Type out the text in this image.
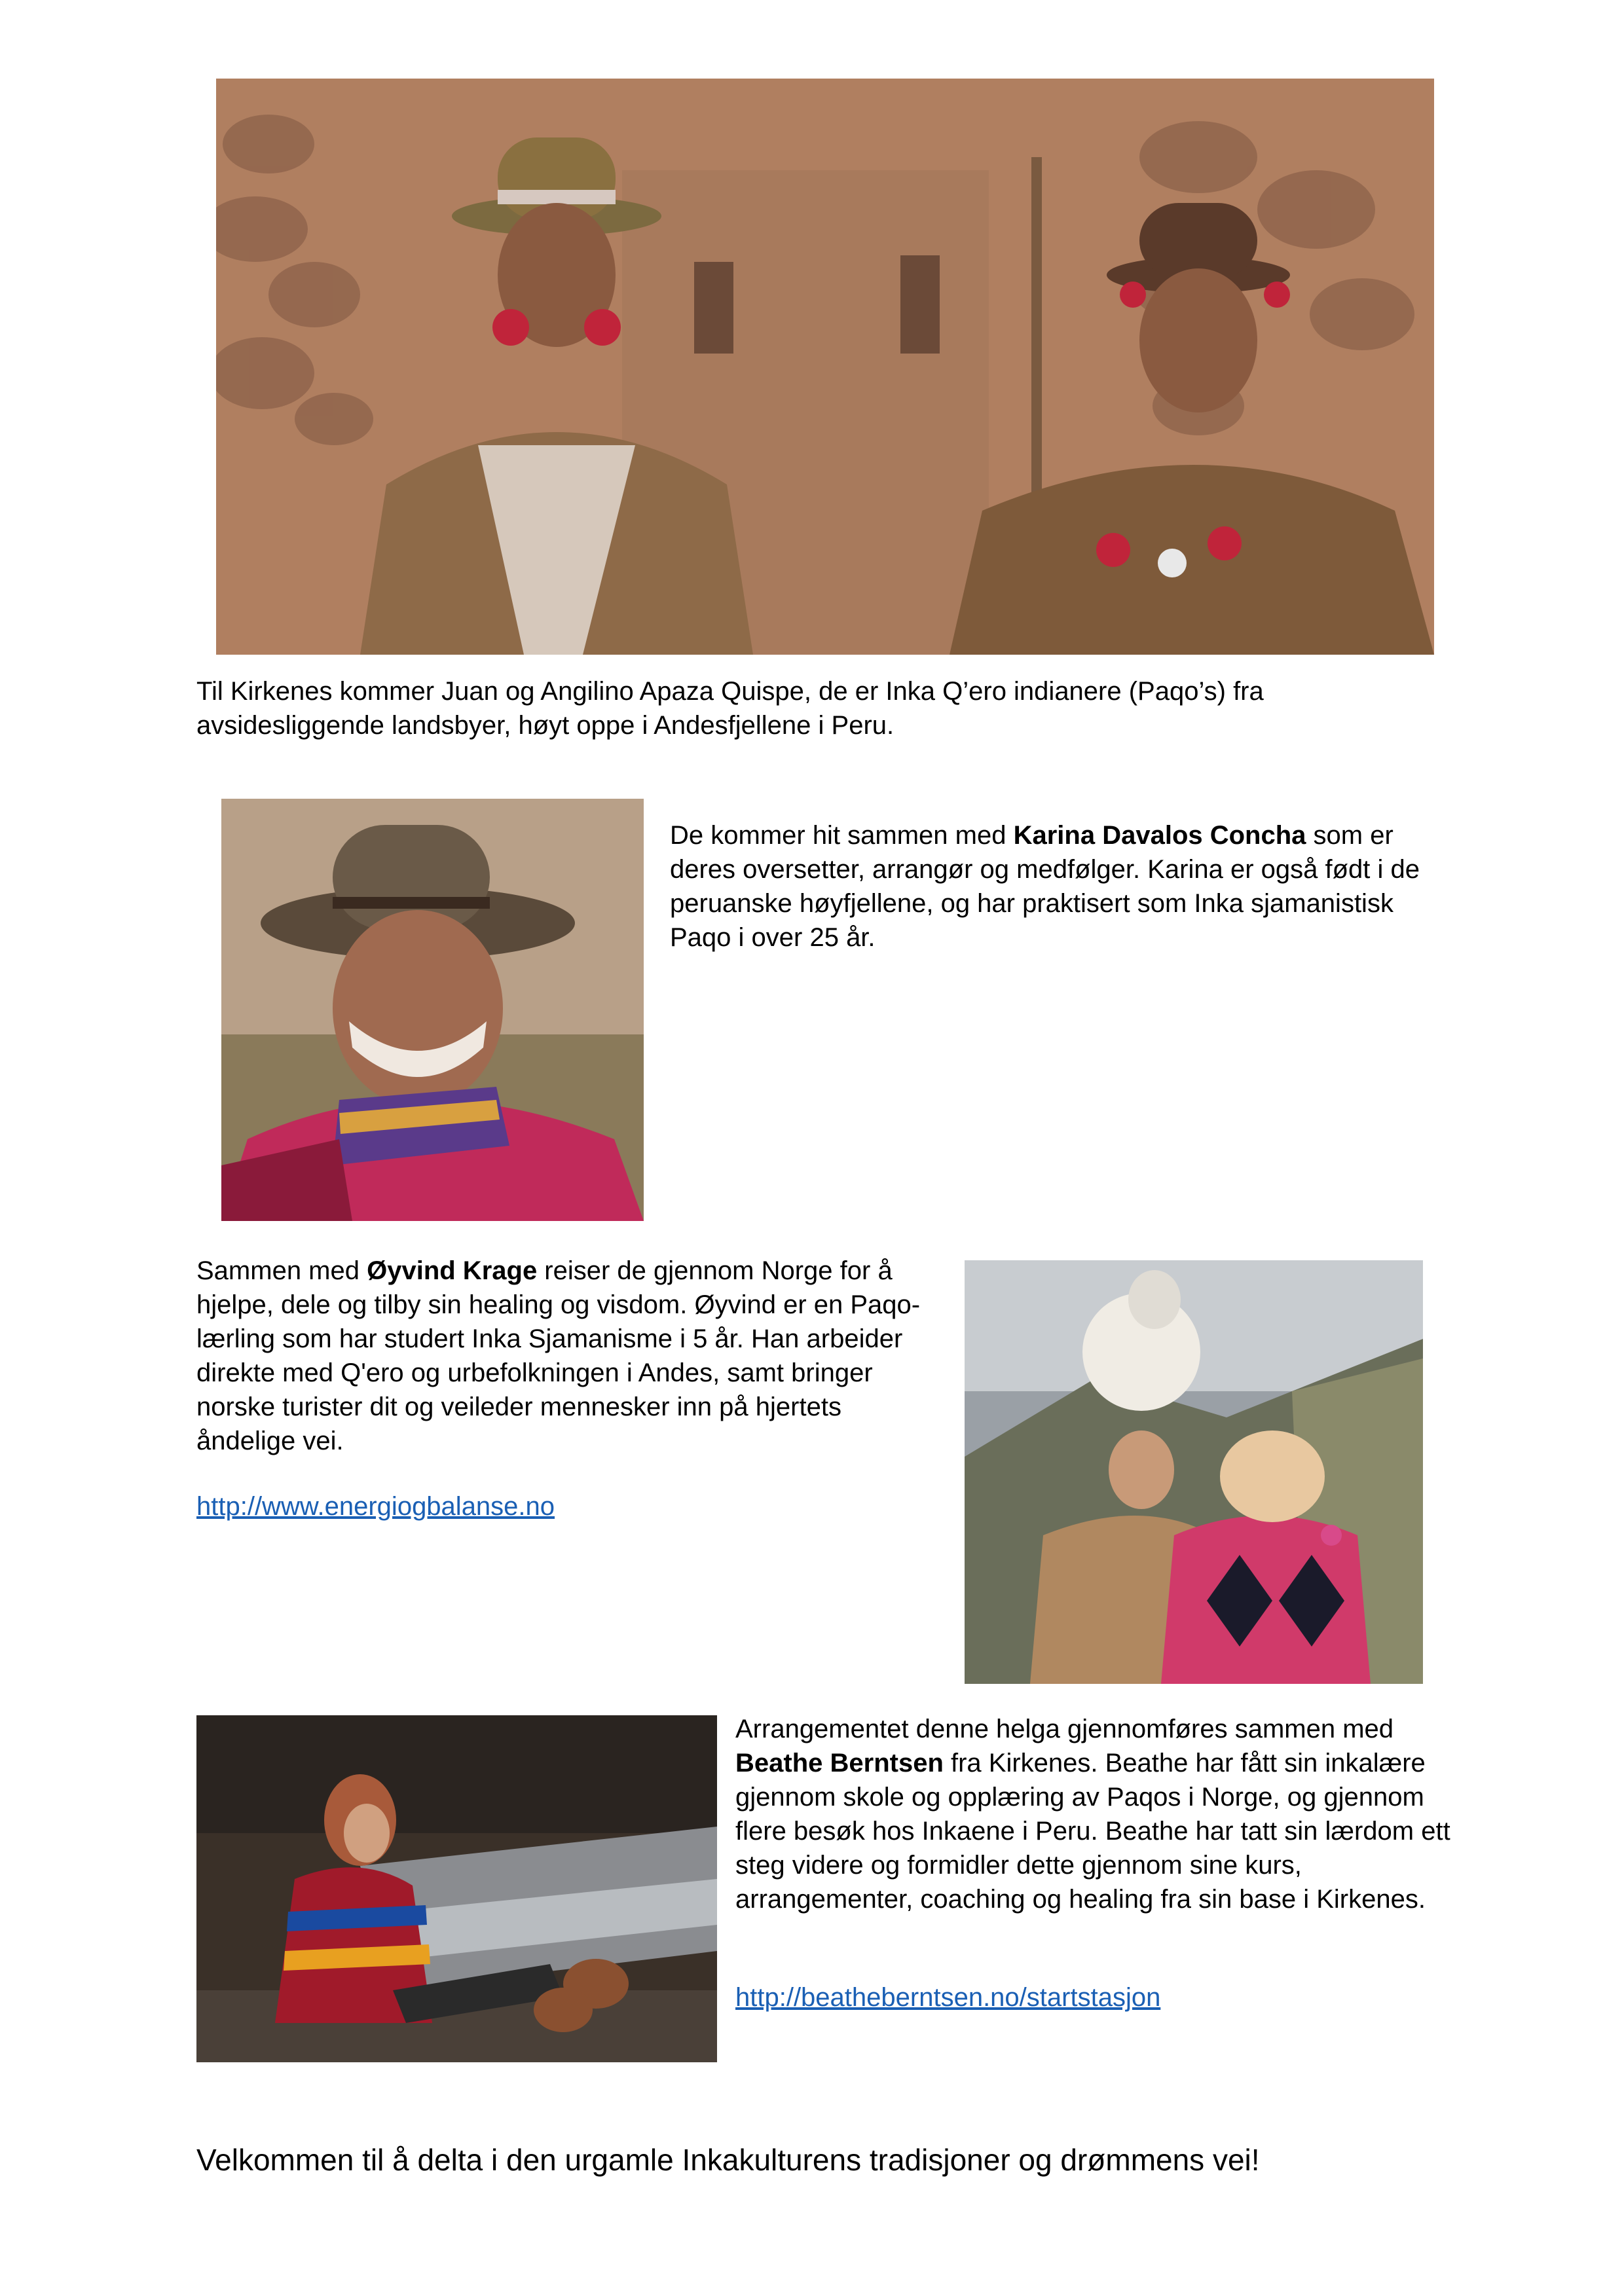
Til Kirkenes kommer Juan og Angilino Apaza Quispe, de er Inka Q’ero indianere (Paqo’s) fra avsidesliggende landsbyer, høyt oppe i Andesfjellene i Peru.

De kommer hit sammen med Karina Davalos Concha som er deres oversetter, arrangør og medfølger. Karina er også født i de peruanske høyfjellene, og har praktisert som Inka sjamanistisk Paqo i over 25 år.

Sammen med Øyvind Krage reiser de gjennom Norge for å hjelpe, dele og tilby sin healing og visdom. Øyvind er en Paqo-lærling som har studert Inka Sjamanisme i 5 år. Han arbeider direkte med Q'ero og urbefolkningen i Andes, samt bringer norske turister dit og veileder mennesker inn på hjertets åndelige vei.

http://www.energiogbalanse.no

Arrangementet denne helga gjennomføres sammen med Beathe Berntsen fra Kirkenes. Beathe har fått sin inkalære gjennom skole og opplæring av Paqos i Norge, og gjennom flere besøk hos Inkaene i Peru. Beathe har tatt sin lærdom ett steg videre og formidler dette gjennom sine kurs, arrangementer, coaching og healing fra sin base i Kirkenes.

http://beatheberntsen.no/startstasjon

Velkommen til å delta i den urgamle Inkakulturens tradisjoner og drømmens vei!
